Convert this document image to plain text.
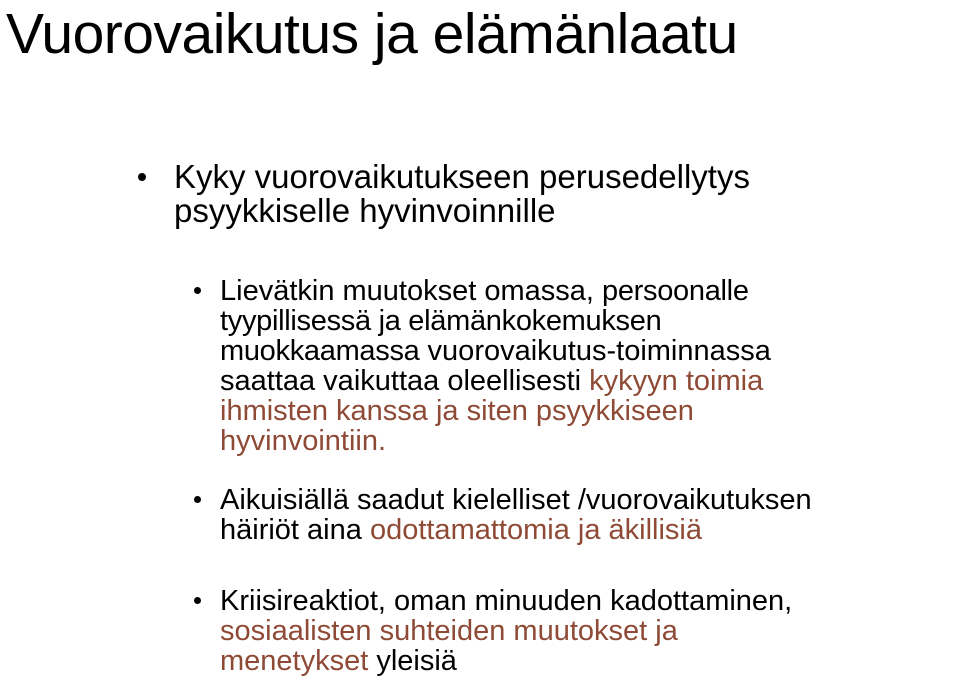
Vuorovaikutus ja elämänlaatu
Kyky vuorovaikutukseen perusedellytys
psyykkiselle hyvinvoinnille
Lievätkin muutokset omassa, persoonalle
tyypillisessä ja elämänkokemuksen
muokkaamassa vuorovaikutus-toiminnassa
saattaa vaikuttaa oleellisesti kykyyn toimia
ihmisten kanssa ja siten psyykkiseen
hyvinvointiin.
Aikuisiällä saadut kielelliset /vuorovaikutuksen
häiriöt aina odottamattomia ja äkillisiä
Kriisireaktiot, oman minuuden kadottaminen,
sosiaalisten suhteiden muutokset ja
menetykset yleisiä
